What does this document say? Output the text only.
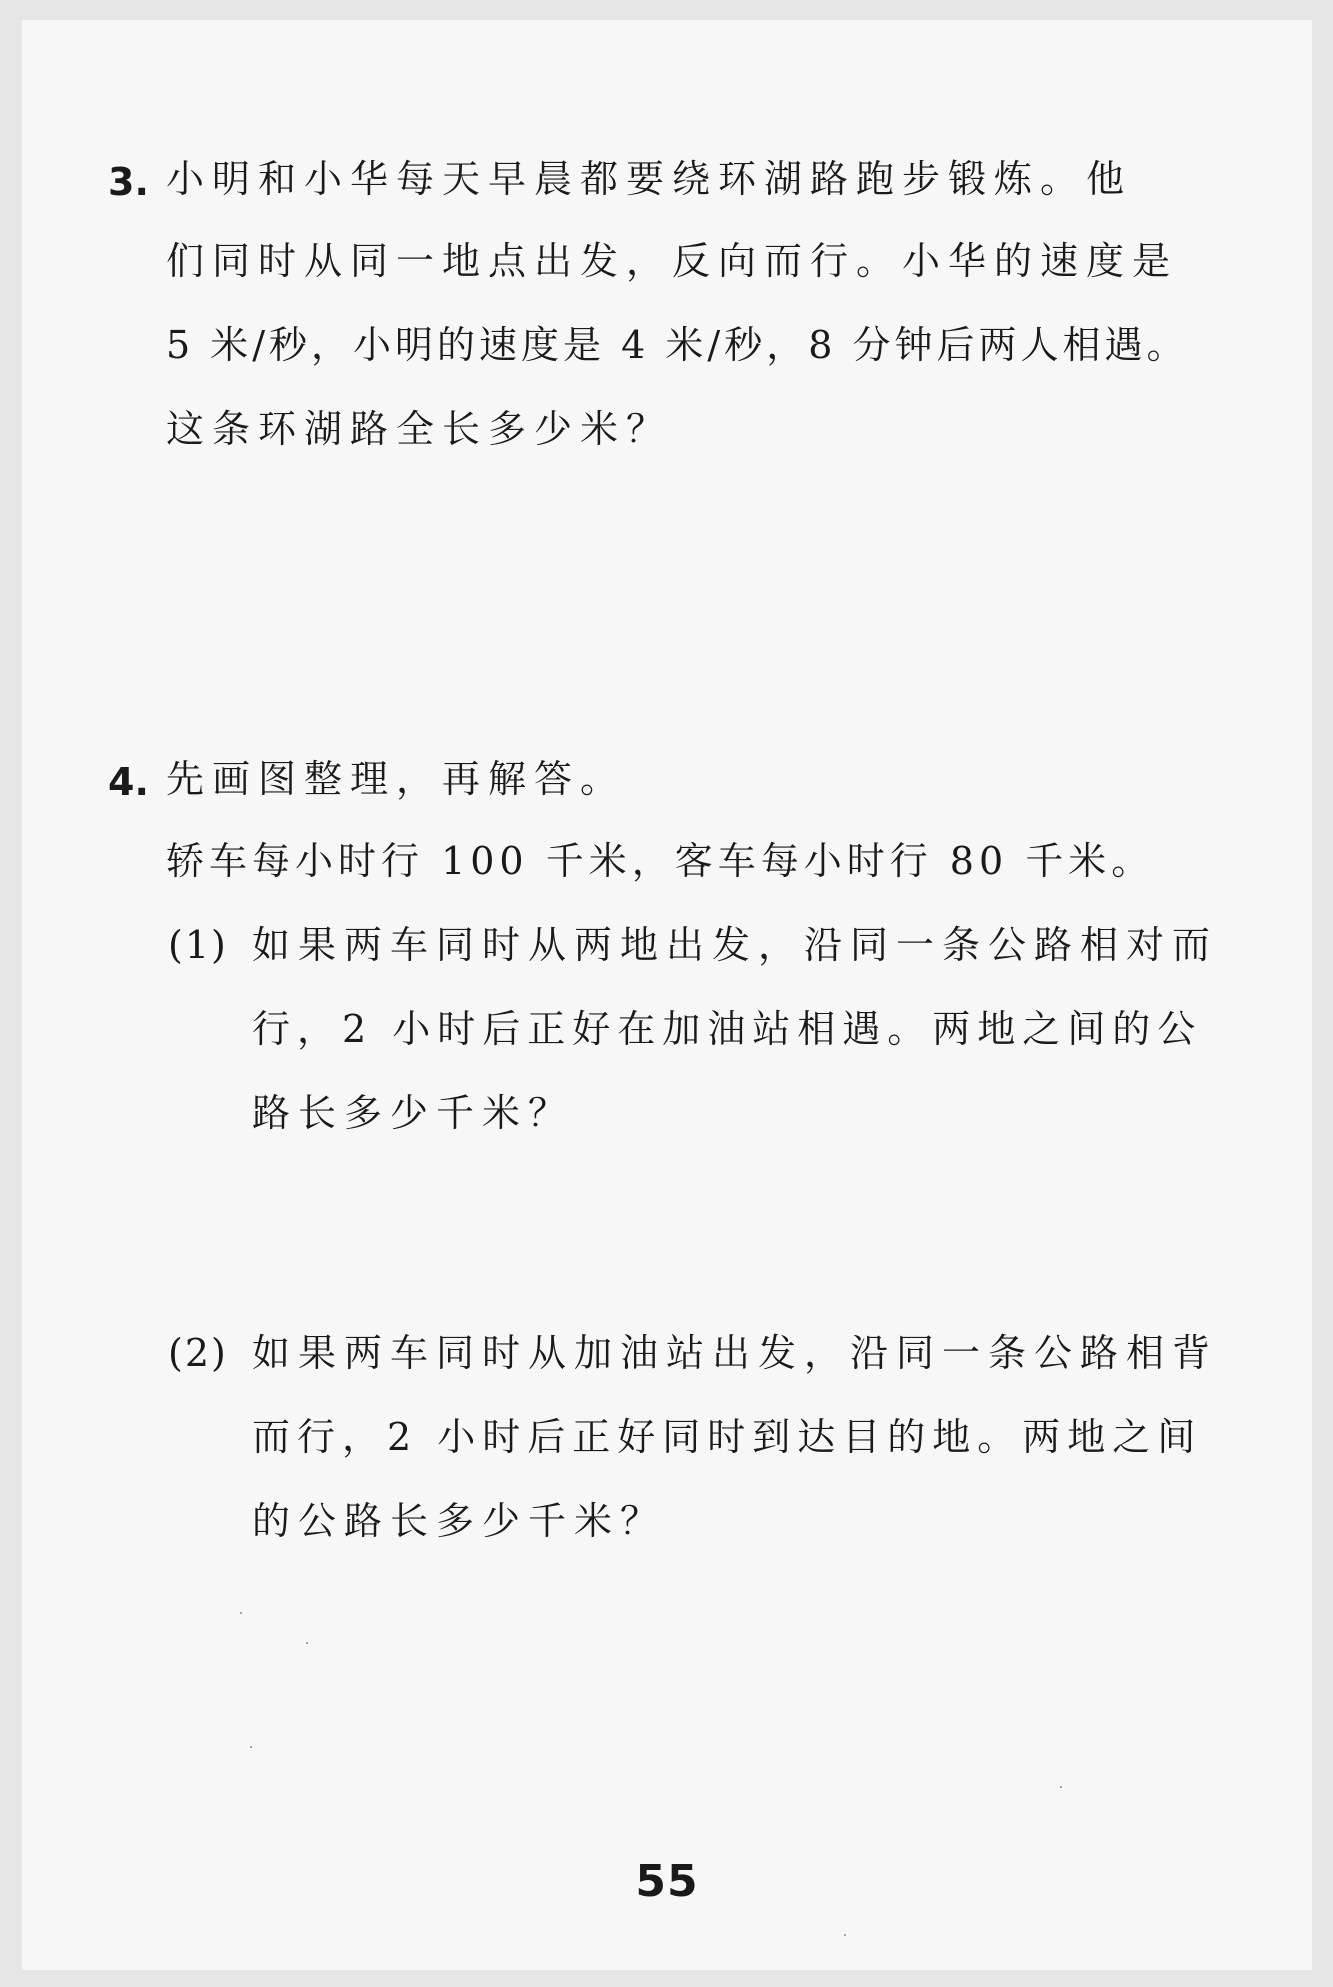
3. 小明和小华每天早晨都要绕环湖路跑步锻炼。他
们同时从同一地点出发，反向而行。小华的速度是
5 米/秒，小明的速度是 4 米/秒，8 分钟后两人相遇。
这条环湖路全长多少米？
4. 先画图整理，再解答。
轿车每小时行 100 千米，客车每小时行 80 千米。
(1) 如果两车同时从两地出发，沿同一条公路相对而
行，2 小时后正好在加油站相遇。两地之间的公
路长多少千米？
(2) 如果两车同时从加油站出发，沿同一条公路相背
而行，2 小时后正好同时到达目的地。两地之间
的公路长多少千米？
55
